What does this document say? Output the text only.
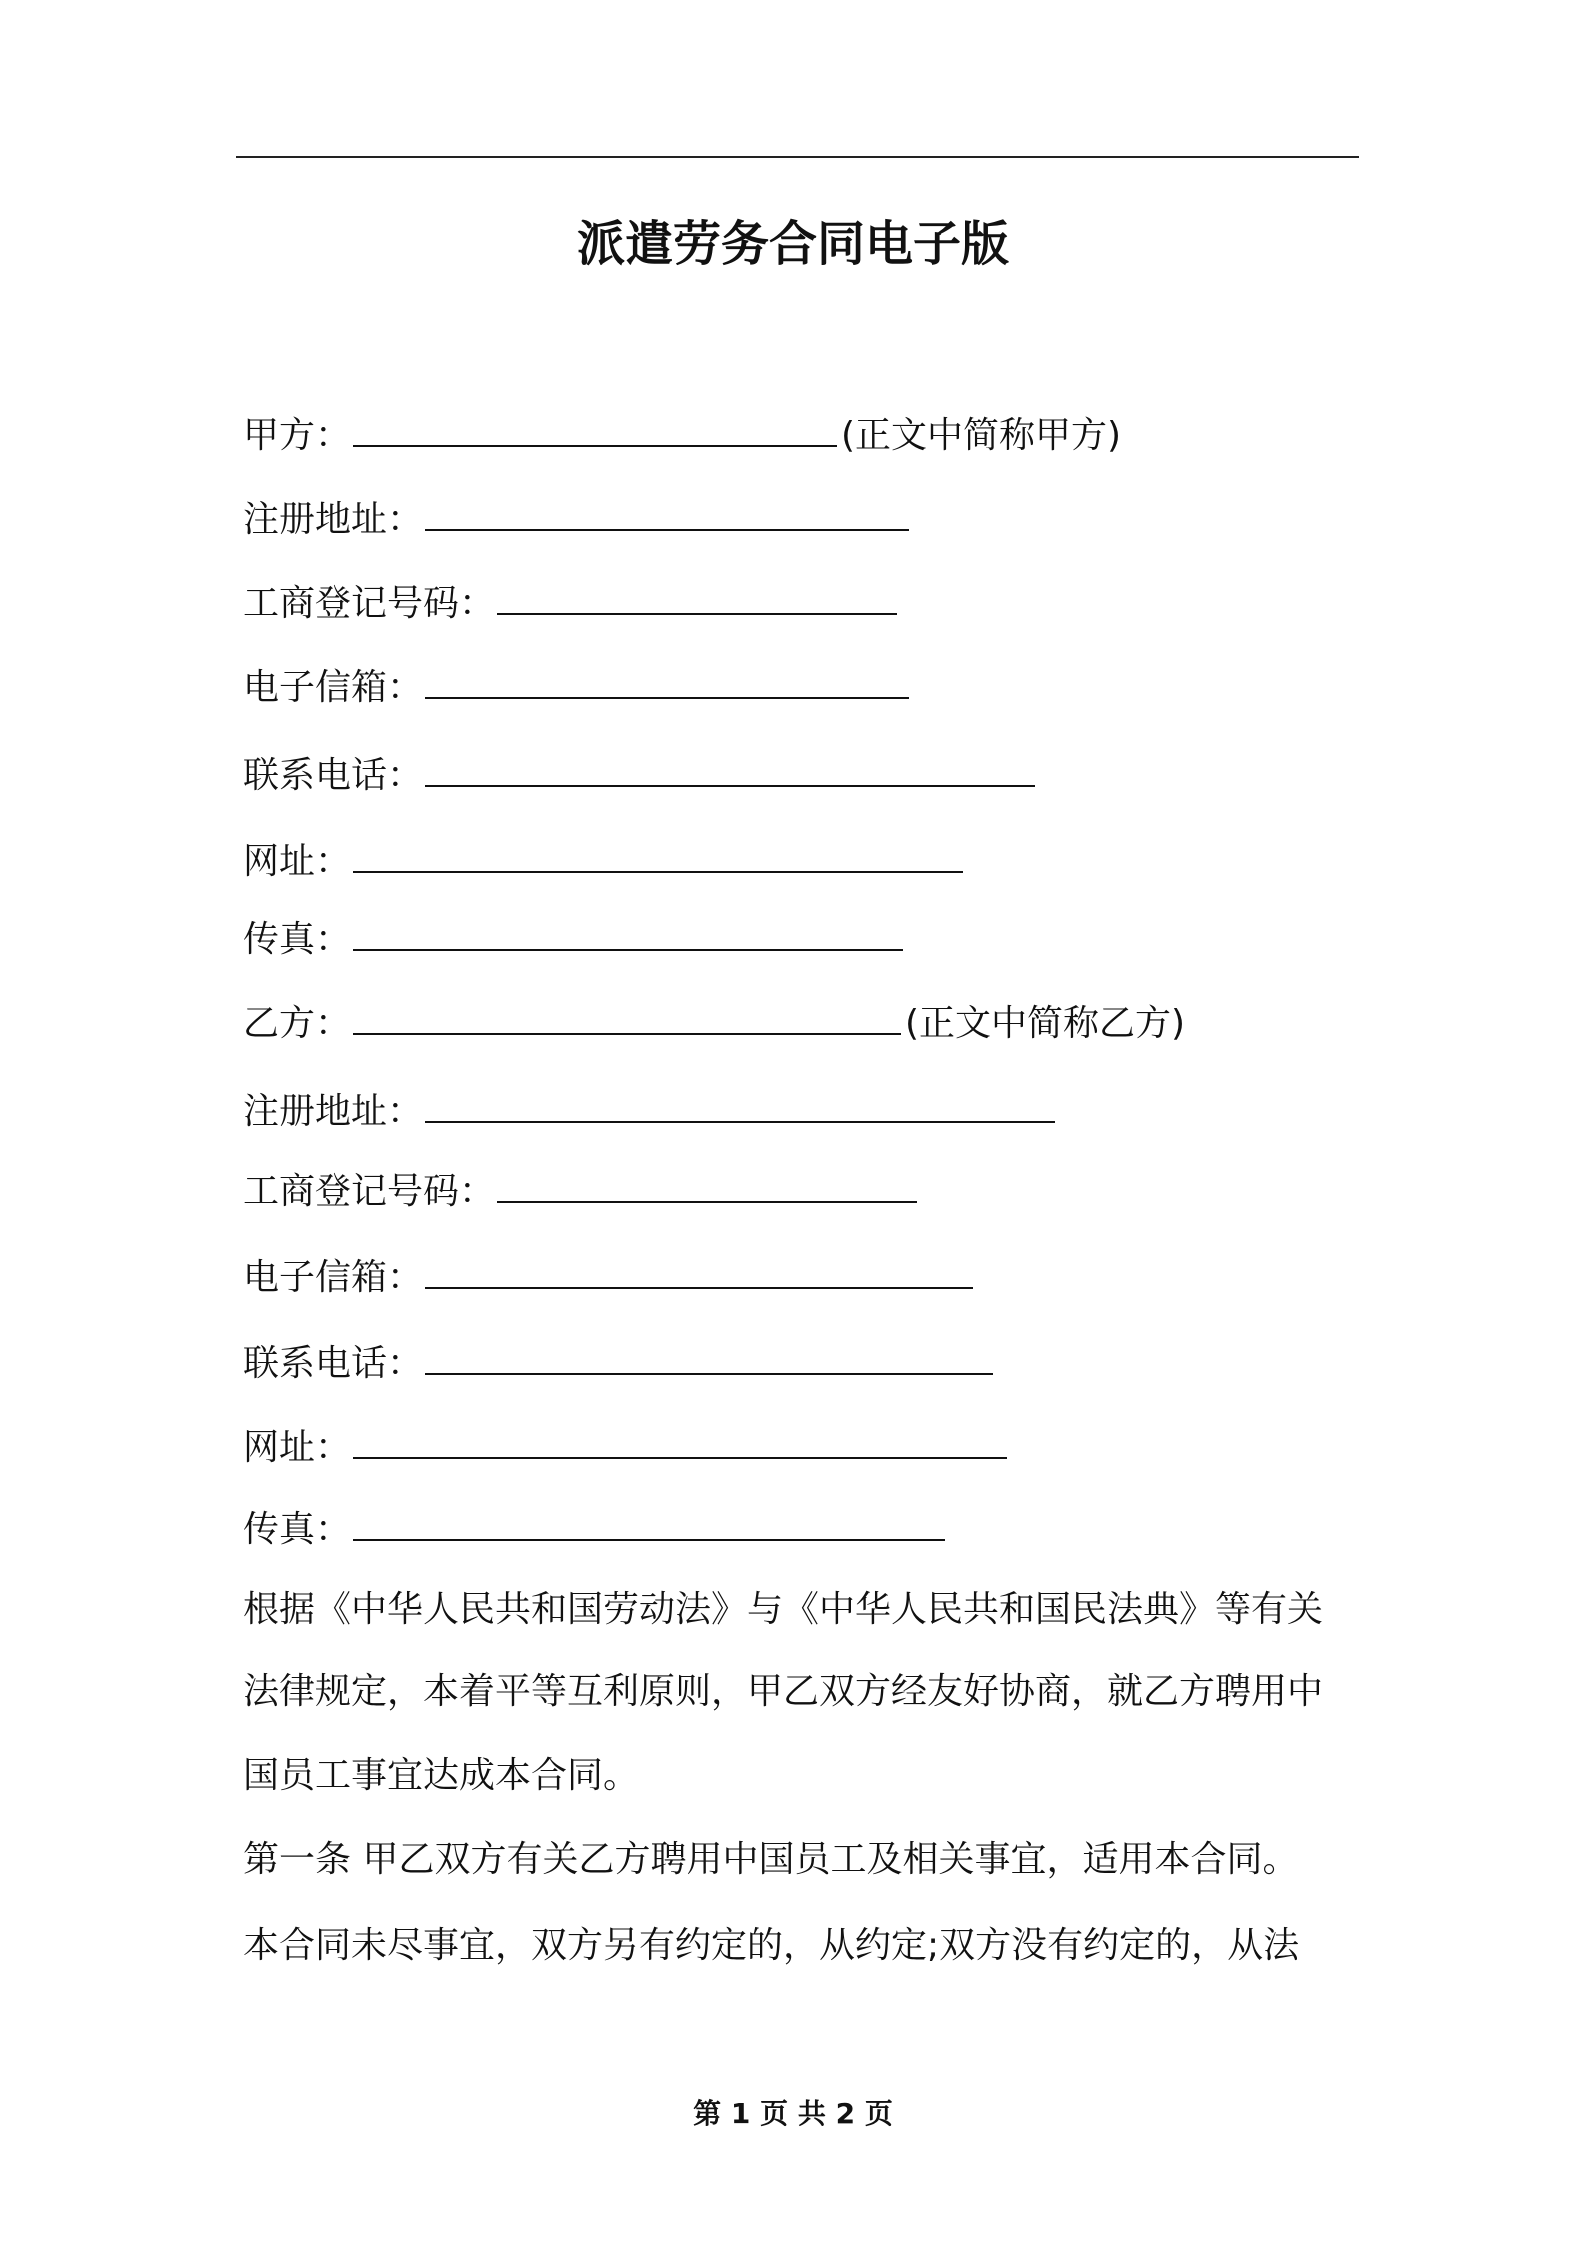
派遣劳务合同电子版
甲方：	(正文中简称甲方)
注册地址：
工商登记号码：
电子信箱：
联系电话：
网址：
传真：
乙方：	(正文中简称乙方)
注册地址：
工商登记号码：
电子信箱：
联系电话：
网址：
传真：
根据《中华人民共和国劳动法》与《中华人民共和国民法典》等有关
法律规定，本着平等互利原则，甲乙双方经友好协商，就乙方聘用中
国员工事宜达成本合同。
第一条 甲乙双方有关乙方聘用中国员工及相关事宜，适用本合同。
本合同未尽事宜，双方另有约定的，从约定;双方没有约定的，从法
第 1 页 共 2 页
